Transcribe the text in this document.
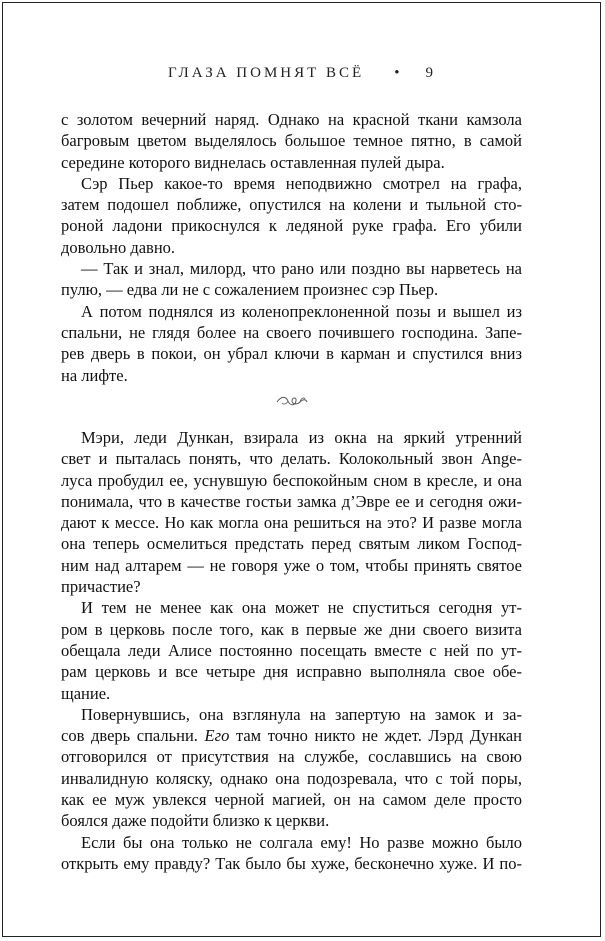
ГЛАЗА ПОМНЯТ ВСЁ • 9
с золотом вечерний наряд. Однако на красной ткани камзола
багровым цветом выделялось большое темное пятно, в самой
середине которого виднелась оставленная пулей дыра.
Сэр Пьер какое-то время неподвижно смотрел на графа,
затем подошел поближе, опустился на колени и тыльной сто-
роной ладони прикоснулся к ледяной руке графа. Его убили
довольно давно.
— Так и знал, милорд, что рано или поздно вы нарветесь на
пулю, — едва ли не с сожалением произнес сэр Пьер.
А потом поднялся из коленопреклоненной позы и вышел из
спальни, не глядя более на своего почившего господина. Запе-
рев дверь в покои, он убрал ключи в карман и спустился вниз
на лифте.
Мэри, леди Дункан, взирала из окна на яркий утренний
свет и пыталась понять, что делать. Колокольный звон Ange-
луса пробудил ее, уснувшую беспокойным сном в кресле, и она
понимала, что в качестве гостьи замка д’Эвре ее и сегодня ожи-
дают к мессе. Но как могла она решиться на это? И разве могла
она теперь осмелиться предстать перед святым ликом Господ-
ним над алтарем — не говоря уже о том, чтобы принять святое
причастие?
И тем не менее как она может не спуститься сегодня ут-
ром в церковь после того, как в первые же дни своего визита
обещала леди Алисе постоянно посещать вместе с ней по ут-
рам церковь и все четыре дня исправно выполняла свое обе-
щание.
Повернувшись, она взглянула на запертую на замок и за-
сов дверь спальни. Его там точно никто не ждет. Лэрд Дункан
отговорился от присутствия на службе, сославшись на свою
инвалидную коляску, однако она подозревала, что с той поры,
как ее муж увлекся черной магией, он на самом деле просто
боялся даже подойти близко к церкви.
Если бы она только не солгала ему! Но разве можно было
открыть ему правду? Так было бы хуже, бесконечно хуже. И по-
